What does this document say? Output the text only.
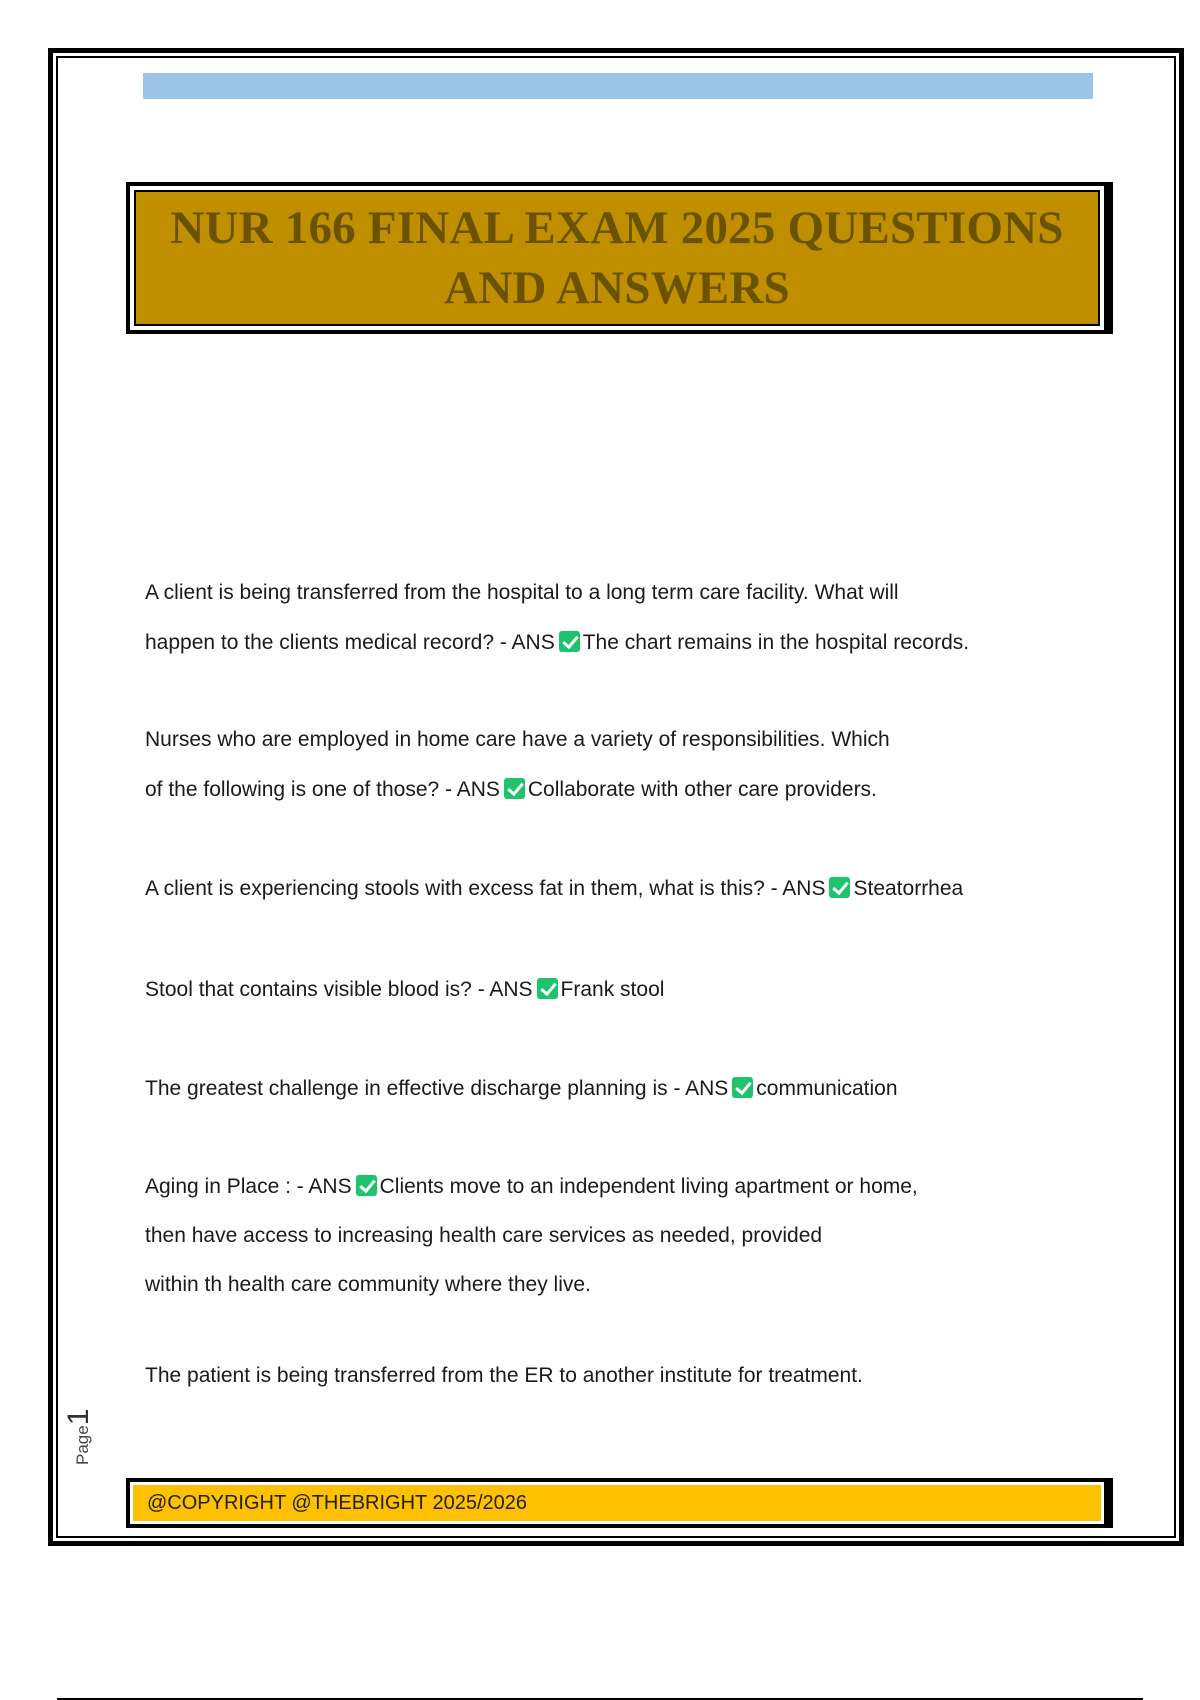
NUR 166 FINAL EXAM 2025 QUESTIONS
AND ANSWERS
A client is being transferred from the hospital to a long term care facility. What will
happen to the clients medical record? - ANS The chart remains in the hospital records.
Nurses who are employed in home care have a variety of responsibilities. Which
of the following is one of those? - ANS Collaborate with other care providers.
A client is experiencing stools with excess fat in them, what is this? - ANS Steatorrhea
Stool that contains visible blood is? - ANS Frank stool
The greatest challenge in effective discharge planning is - ANS communication
Aging in Place : - ANS Clients move to an independent living apartment or home,
then have access to increasing health care services as needed, provided
within th health care community where they live.
The patient is being transferred from the ER to another institute for treatment.
Page1
@COPYRIGHT @THEBRIGHT 2025/2026
